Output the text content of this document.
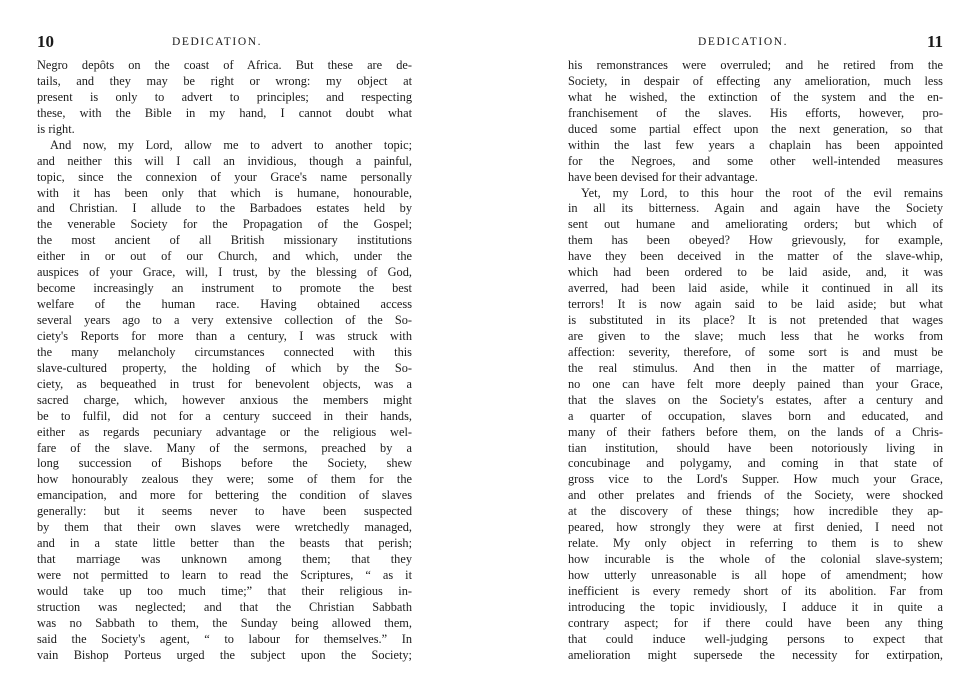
10	DEDICATION.
Negro depôts on the coast of Africa. But these are de-
tails, and they may be right or wrong: my object at
present is only to advert to principles; and respecting
these, with the Bible in my hand, I cannot doubt what
is right.
And now, my Lord, allow me to advert to another topic;
and neither this will I call an invidious, though a painful,
topic, since the connexion of your Grace's name personally
with it has been only that which is humane, honourable,
and Christian. I allude to the Barbadoes estates held by
the venerable Society for the Propagation of the Gospel;
the most ancient of all British missionary institutions
either in or out of our Church, and which, under the
auspices of your Grace, will, I trust, by the blessing of God,
become increasingly an instrument to promote the best
welfare of the human race. Having obtained access
several years ago to a very extensive collection of the So-
ciety's Reports for more than a century, I was struck with
the many melancholy circumstances connected with this
slave-cultured property, the holding of which by the So-
ciety, as bequeathed in trust for benevolent objects, was a
sacred charge, which, however anxious the members might
be to fulfil, did not for a century succeed in their hands,
either as regards pecuniary advantage or the religious wel-
fare of the slave. Many of the sermons, preached by a
long succession of Bishops before the Society, shew
how honourably zealous they were; some of them for the
emancipation, and more for bettering the condition of slaves
generally: but it seems never to have been suspected
by them that their own slaves were wretchedly managed,
and in a state little better than the beasts that perish;
that marriage was unknown among them; that they
were not permitted to learn to read the Scriptures, “ as it
would take up too much time;” that their religious in-
struction was neglected; and that the Christian Sabbath
was no Sabbath to them, the Sunday being allowed them,
said the Society's agent, “ to labour for themselves.” In
vain Bishop Porteus urged the subject upon the Society;
DEDICATION.	11
his remonstrances were overruled; and he retired from the
Society, in despair of effecting any amelioration, much less
what he wished, the extinction of the system and the en-
franchisement of the slaves. His efforts, however, pro-
duced some partial effect upon the next generation, so that
within the last few years a chaplain has been appointed
for the Negroes, and some other well-intended measures
have been devised for their advantage.
Yet, my Lord, to this hour the root of the evil remains
in all its bitterness. Again and again have the Society
sent out humane and ameliorating orders; but which of
them has been obeyed? How grievously, for example,
have they been deceived in the matter of the slave-whip,
which had been ordered to be laid aside, and, it was
averred, had been laid aside, while it continued in all its
terrors! It is now again said to be laid aside; but what
is substituted in its place? It is not pretended that wages
are given to the slave; much less that he works from
affection: severity, therefore, of some sort is and must be
the real stimulus. And then in the matter of marriage,
no one can have felt more deeply pained than your Grace,
that the slaves on the Society's estates, after a century and
a quarter of occupation, slaves born and educated, and
many of their fathers before them, on the lands of a Chris-
tian institution, should have been notoriously living in
concubinage and polygamy, and coming in that state of
gross vice to the Lord's Supper. How much your Grace,
and other prelates and friends of the Society, were shocked
at the discovery of these things; how incredible they ap-
peared, how strongly they were at first denied, I need not
relate. My only object in referring to them is to shew
how incurable is the whole of the colonial slave-system;
how utterly unreasonable is all hope of amendment; how
inefficient is every remedy short of its abolition. Far from
introducing the topic invidiously, I adduce it in quite a
contrary aspect; for if there could have been any thing
that could induce well-judging persons to expect that
amelioration might supersede the necessity for extirpation,
